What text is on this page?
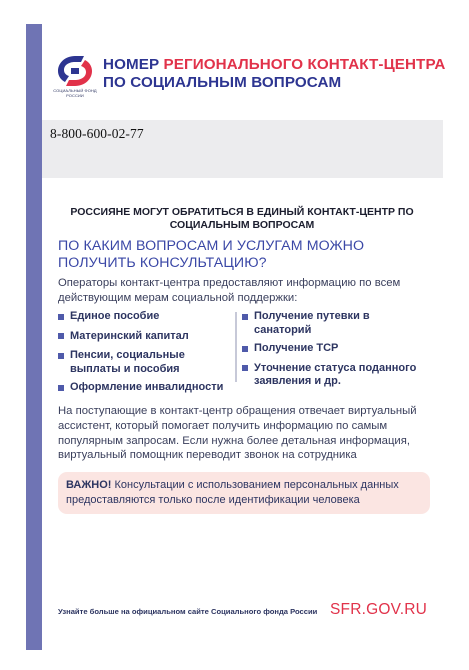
СОЦИАЛЬНЫЙ ФОНД РОССИИ
НОМЕР РЕГИОНАЛЬНОГО КОНТАКТ-ЦЕНТРА
ПО СОЦИАЛЬНЫМ ВОПРОСАМ
8-800-600-02-77
РОССИЯНЕ МОГУТ ОБРАТИТЬСЯ В ЕДИНЫЙ КОНТАКТ-ЦЕНТР ПО СОЦИАЛЬНЫМ ВОПРОСАМ
ПО КАКИМ ВОПРОСАМ И УСЛУГАМ МОЖНО ПОЛУЧИТЬ КОНСУЛЬТАЦИЮ?
Операторы контакт-центра предоставляют информацию по всем действующим мерам социальной поддержки:
Единое пособие
Материнский капитал
Пенсии, социальные выплаты и пособия
Оформление инвалидности
Получение путевки в санаторий
Получение ТСР
Уточнение статуса поданного заявления и др.
На поступающие в контакт-центр обращения отвечает виртуальный ассистент, который помогает получить информацию по самым популярным запросам. Если нужна более детальная информация, виртуальный помощник переводит звонок на сотрудника
ВАЖНО! Консультации с использованием персональных данных предоставляются только после идентификации человека
Узнайте больше на официальном сайте Социального фонда России SFR.GOV.RU
